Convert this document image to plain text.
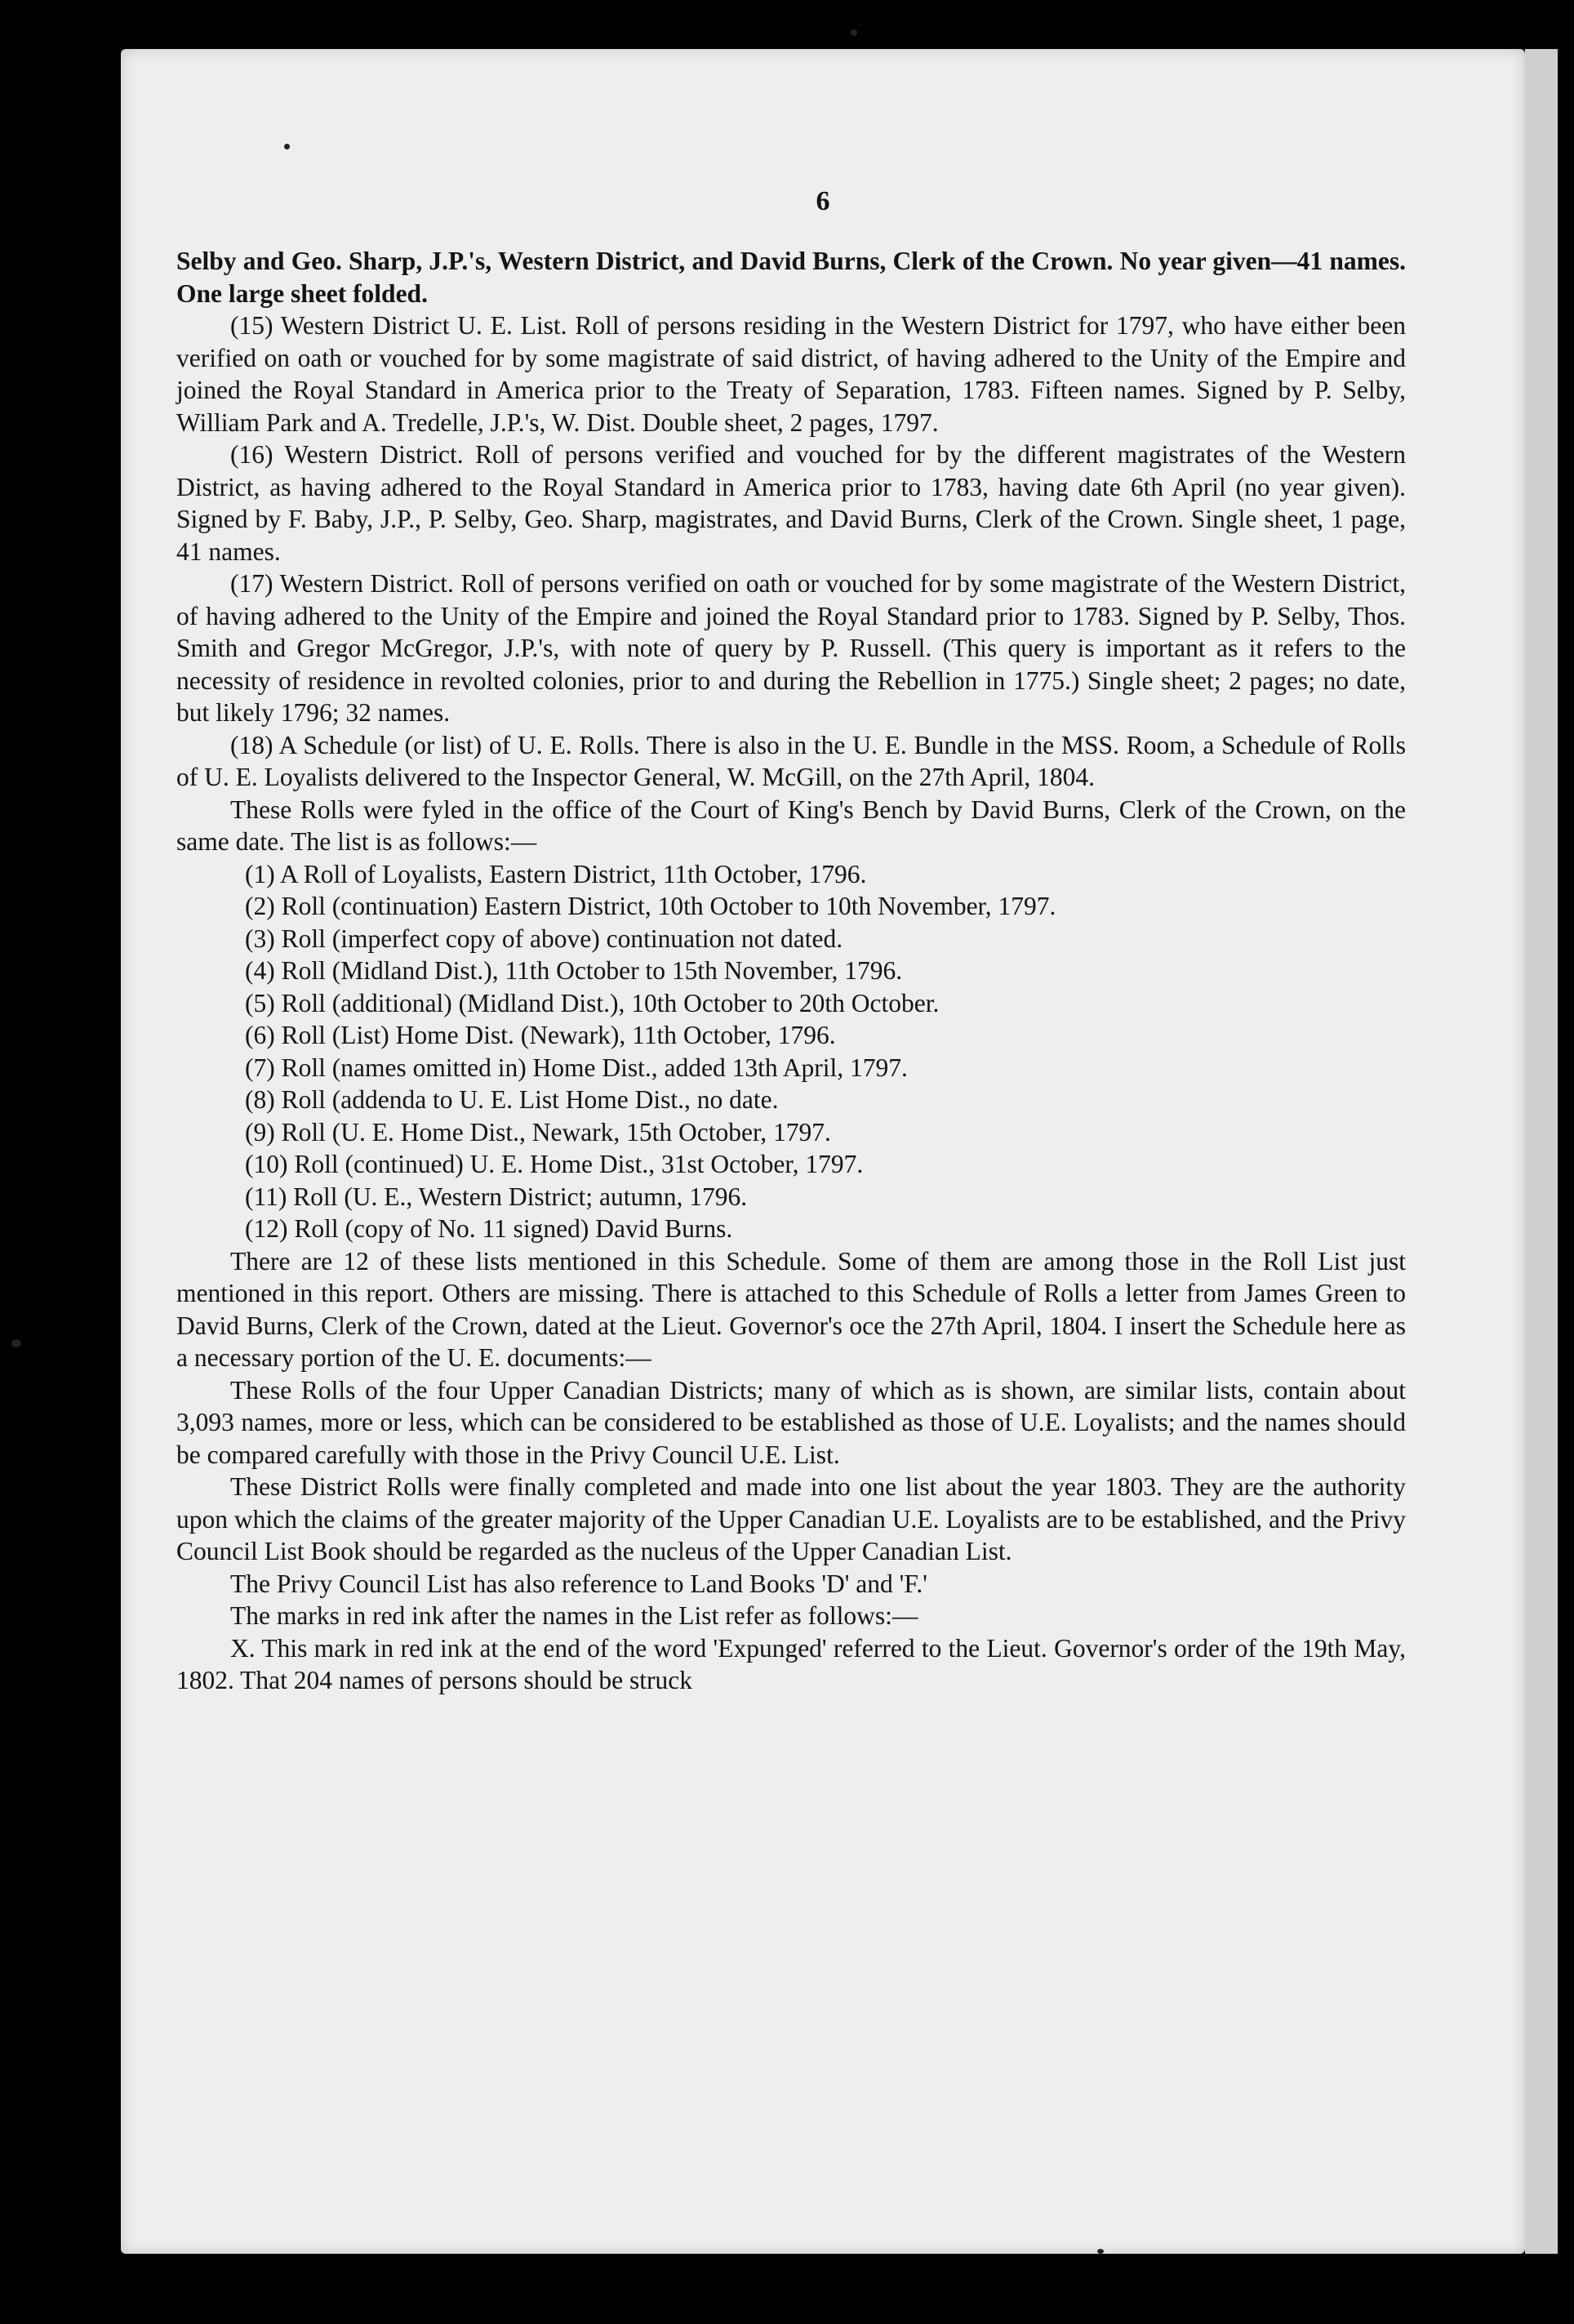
6

Selby and Geo. Sharp, J.P.'s, Western District, and David Burns, Clerk of the Crown. No year given—41 names. One large sheet folded.

(15) Western District U. E. List. Roll of persons residing in the Western District for 1797, who have either been verified on oath or vouched for by some magistrate of said district, of having adhered to the Unity of the Empire and joined the Royal Standard in America prior to the Treaty of Separation, 1783. Fifteen names. Signed by P. Selby, William Park and A. Tredelle, J.P.'s, W. Dist. Double sheet, 2 pages, 1797.

(16) Western District. Roll of persons verified and vouched for by the different magistrates of the Western District, as having adhered to the Royal Standard in America prior to 1783, having date 6th April (no year given). Signed by F. Baby, J.P., P. Selby, Geo. Sharp, magistrates, and David Burns, Clerk of the Crown. Single sheet, 1 page, 41 names.

(17) Western District. Roll of persons verified on oath or vouched for by some magistrate of the Western District, of having adhered to the Unity of the Empire and joined the Royal Standard prior to 1783. Signed by P. Selby, Thos. Smith and Gregor McGregor, J.P.'s, with note of query by P. Russell. (This query is important as it refers to the necessity of residence in revolted colonies, prior to and during the Rebellion in 1775.) Single sheet; 2 pages; no date, but likely 1796; 32 names.

(18) A Schedule (or list) of U. E. Rolls. There is also in the U. E. Bundle in the MSS. Room, a Schedule of Rolls of U. E. Loyalists delivered to the Inspector General, W. McGill, on the 27th April, 1804.

These Rolls were fyled in the office of the Court of King's Bench by David Burns, Clerk of the Crown, on the same date. The list is as follows:—

(1) A Roll of Loyalists, Eastern District, 11th October, 1796.
(2) Roll (continuation) Eastern District, 10th October to 10th November, 1797.
(3) Roll (imperfect copy of above) continuation not dated.
(4) Roll (Midland Dist.), 11th October to 15th November, 1796.
(5) Roll (additional) (Midland Dist.), 10th October to 20th October.
(6) Roll (List) Home Dist. (Newark), 11th October, 1796.
(7) Roll (names omitted in) Home Dist., added 13th April, 1797.
(8) Roll (addenda to U. E. List Home Dist., no date.
(9) Roll (U. E. Home Dist., Newark, 15th October, 1797.
(10) Roll (continued) U. E. Home Dist., 31st October, 1797.
(11) Roll (U. E., Western District; autumn, 1796.
(12) Roll (copy of No. 11 signed) David Burns.

There are 12 of these lists mentioned in this Schedule. Some of them are among those in the Roll List just mentioned in this report. Others are missing. There is attached to this Schedule of Rolls a letter from James Green to David Burns, Clerk of the Crown, dated at the Lieut. Governor's oce the 27th April, 1804. I insert the Schedule here as a necessary portion of the U. E. documents:—

These Rolls of the four Upper Canadian Districts; many of which as is shown, are similar lists, contain about 3,093 names, more or less, which can be considered to be established as those of U.E. Loyalists; and the names should be compared carefully with those in the Privy Council U.E. List.

These District Rolls were finally completed and made into one list about the year 1803. They are the authority upon which the claims of the greater majority of the Upper Canadian U.E. Loyalists are to be established, and the Privy Council List Book should be regarded as the nucleus of the Upper Canadian List.

The Privy Council List has also reference to Land Books 'D' and 'F.'

The marks in red ink after the names in the List refer as follows:—

X. This mark in red ink at the end of the word 'Expunged' referred to the Lieut. Governor's order of the 19th May, 1802. That 204 names of persons should be struck
